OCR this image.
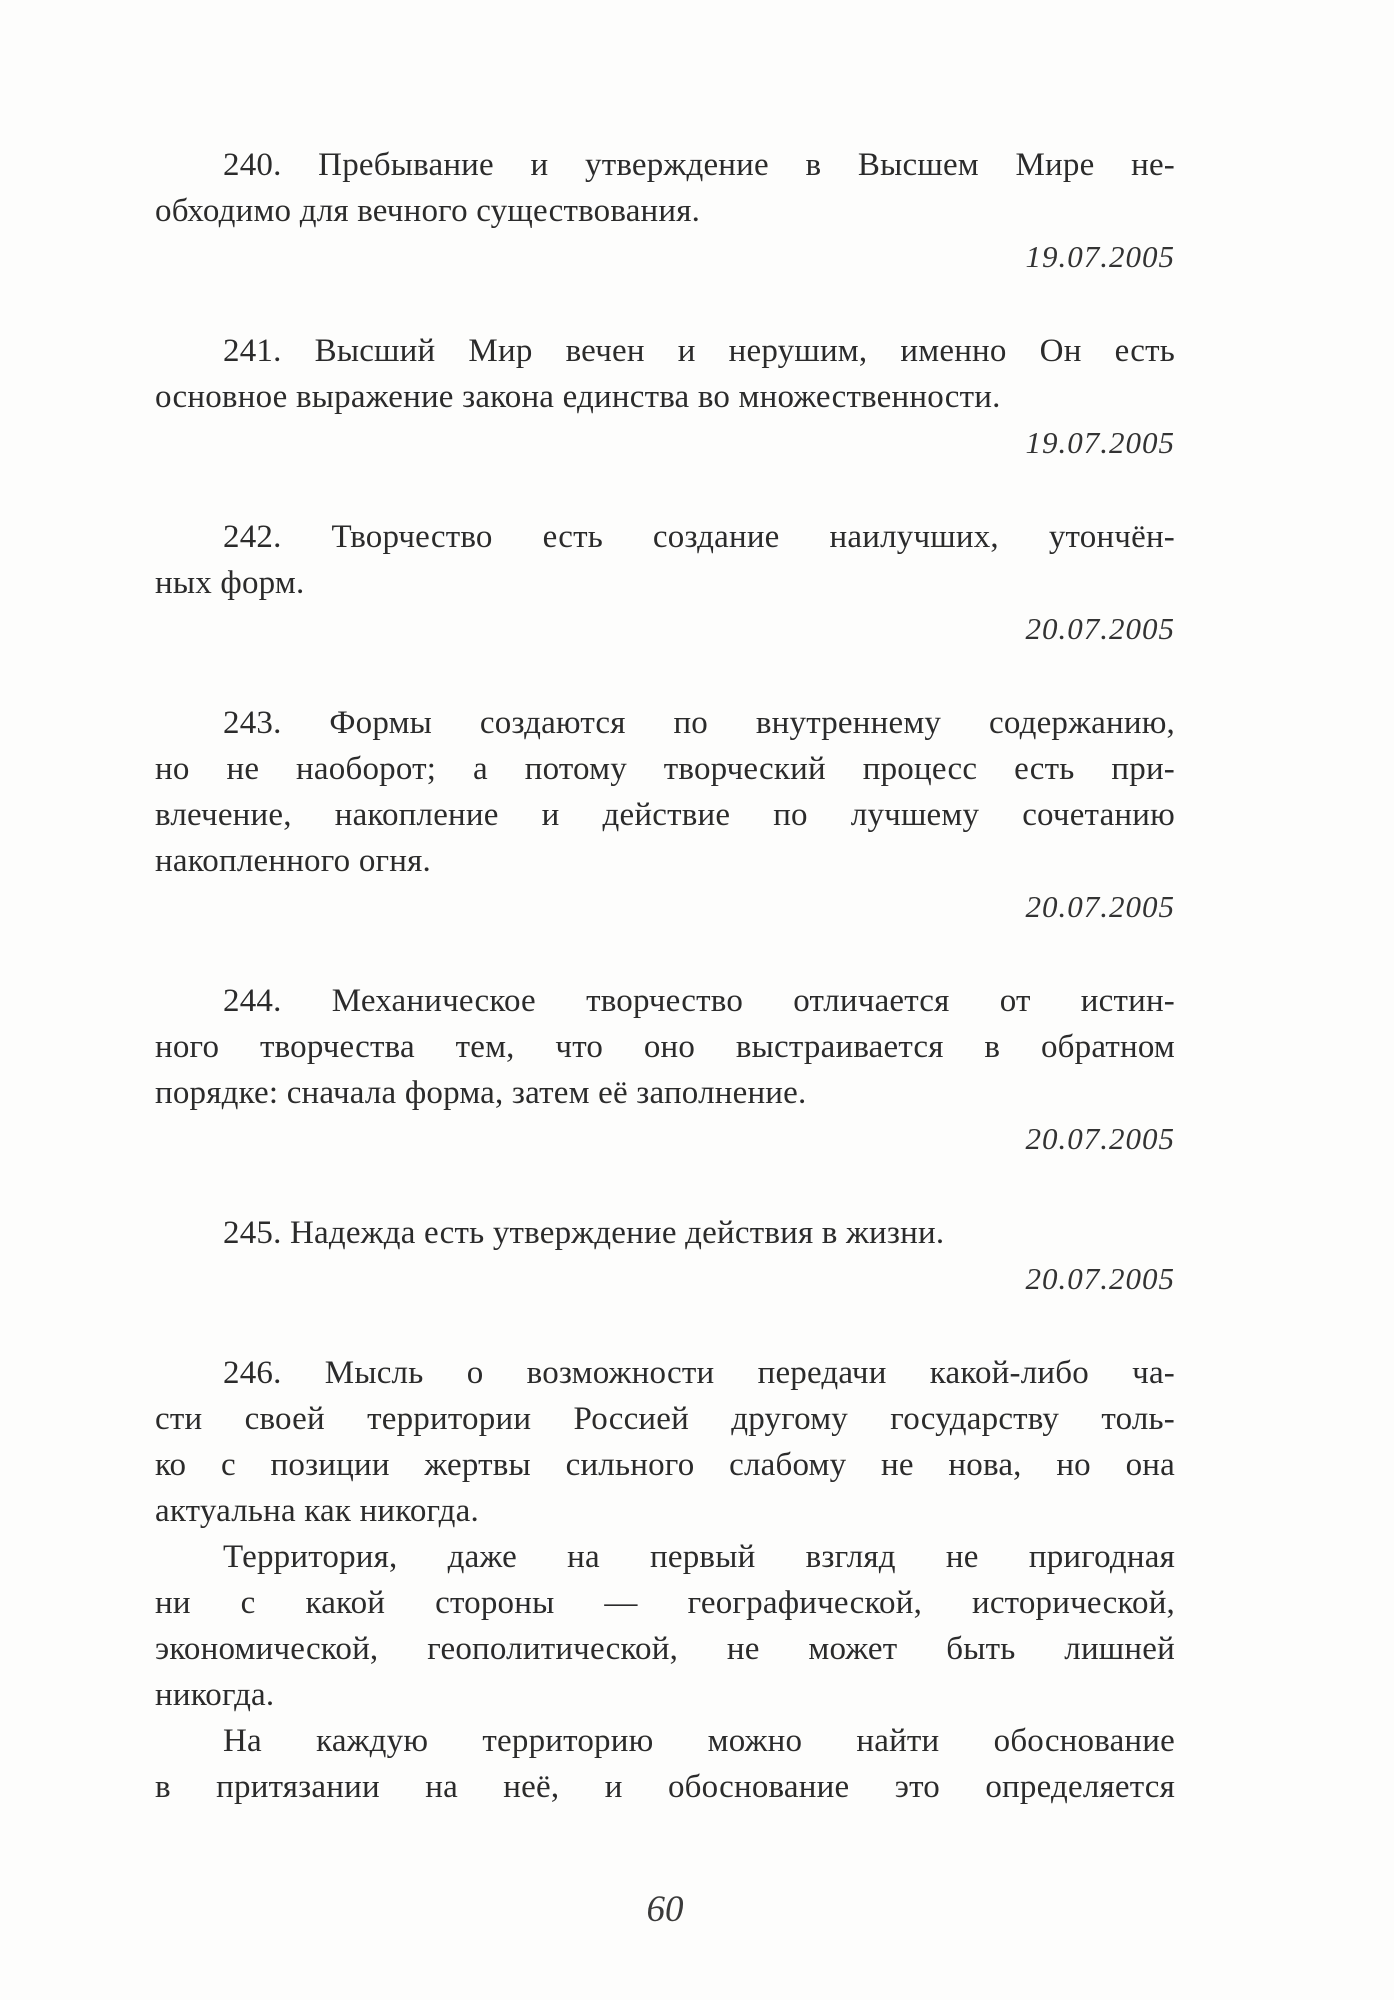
240. Пребывание и утверждение в Высшем Мире не-
обходимо для вечного существования.
19.07.2005
241. Высший Мир вечен и нерушим, именно Он есть
основное выражение закона единства во множественности.
19.07.2005
242. Творчество есть создание наилучших, утончён-
ных форм.
20.07.2005
243. Формы создаются по внутреннему содержанию,
но не наоборот; а потому творческий процесс есть при-
влечение, накопление и действие по лучшему сочетанию
накопленного огня.
20.07.2005
244. Механическое творчество отличается от истин-
ного творчества тем, что оно выстраивается в обратном
порядке: сначала форма, затем её заполнение.
20.07.2005
245. Надежда есть утверждение действия в жизни.
20.07.2005
246. Мысль о возможности передачи какой-либо ча-
сти своей территории Россией другому государству толь-
ко с позиции жертвы сильного слабому не нова, но она
актуальна как никогда.
Территория, даже на первый взгляд не пригодная
ни с какой стороны — географической, исторической,
экономической, геополитической, не может быть лишней
никогда.
На каждую территорию можно найти обоснование
в притязании на неё, и обоснование это определяется
60
